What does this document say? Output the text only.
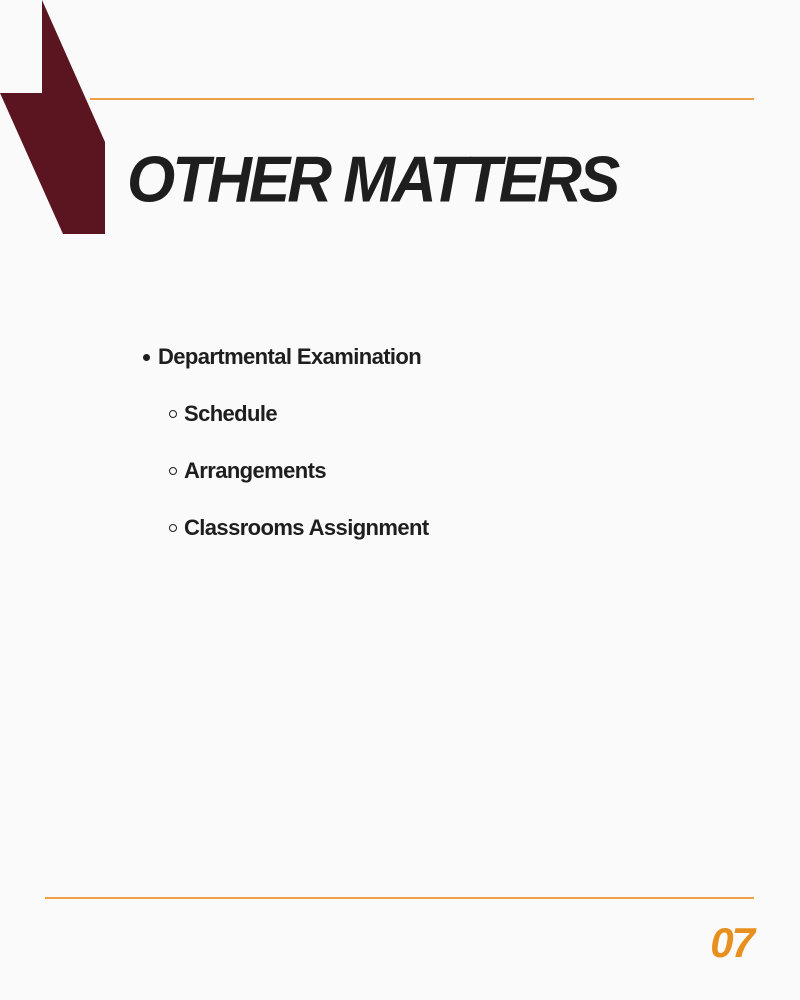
OTHER MATTERS
Departmental Examination
Schedule
Arrangements
Classrooms Assignment
07
